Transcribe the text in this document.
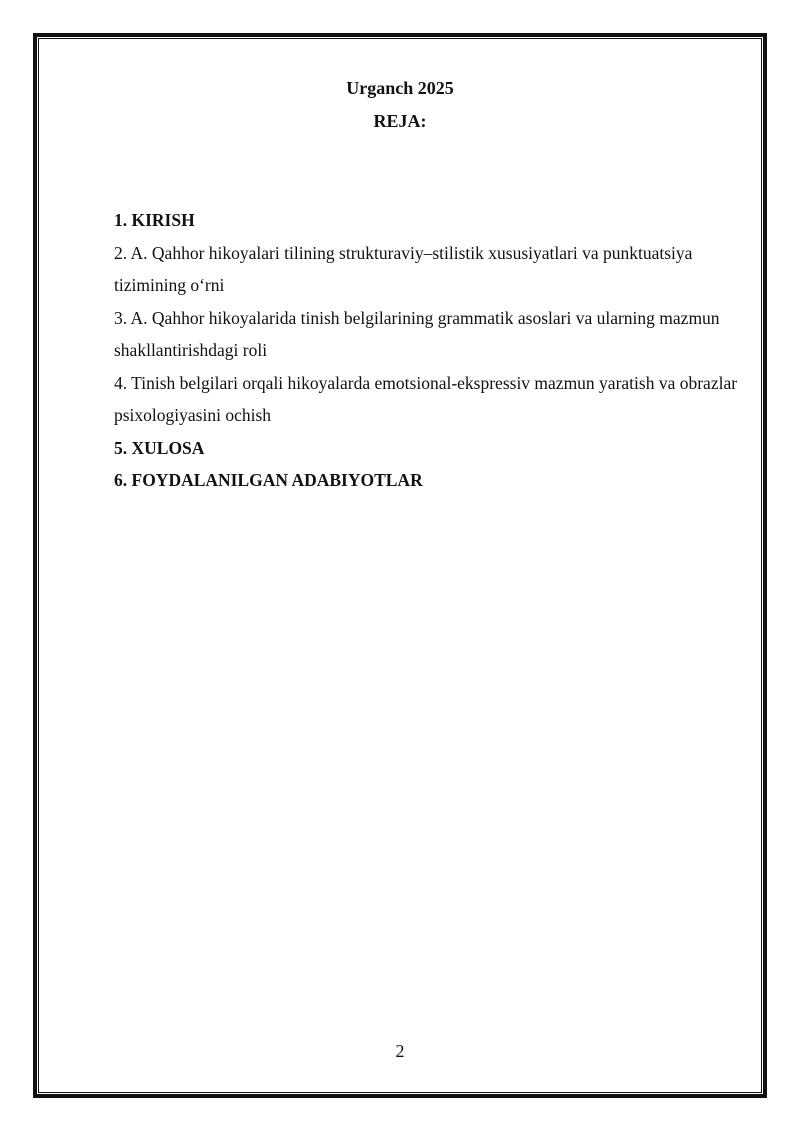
Urganch 2025
REJA:

1. KIRISH

2. A. Qahhor hikoyalari tilining strukturaviy–stilistik xususiyatlari va punktuatsiya tizimining oʻrni

3. A. Qahhor hikoyalarida tinish belgilarining grammatik asoslari va ularning mazmun shakllantirishdagi roli

4. Tinish belgilari orqali hikoyalarda emotsional-ekspressiv mazmun yaratish va obrazlar psixologiyasini ochish

5. XULOSA

6. FOYDALANILGAN ADABIYOTLAR

2
